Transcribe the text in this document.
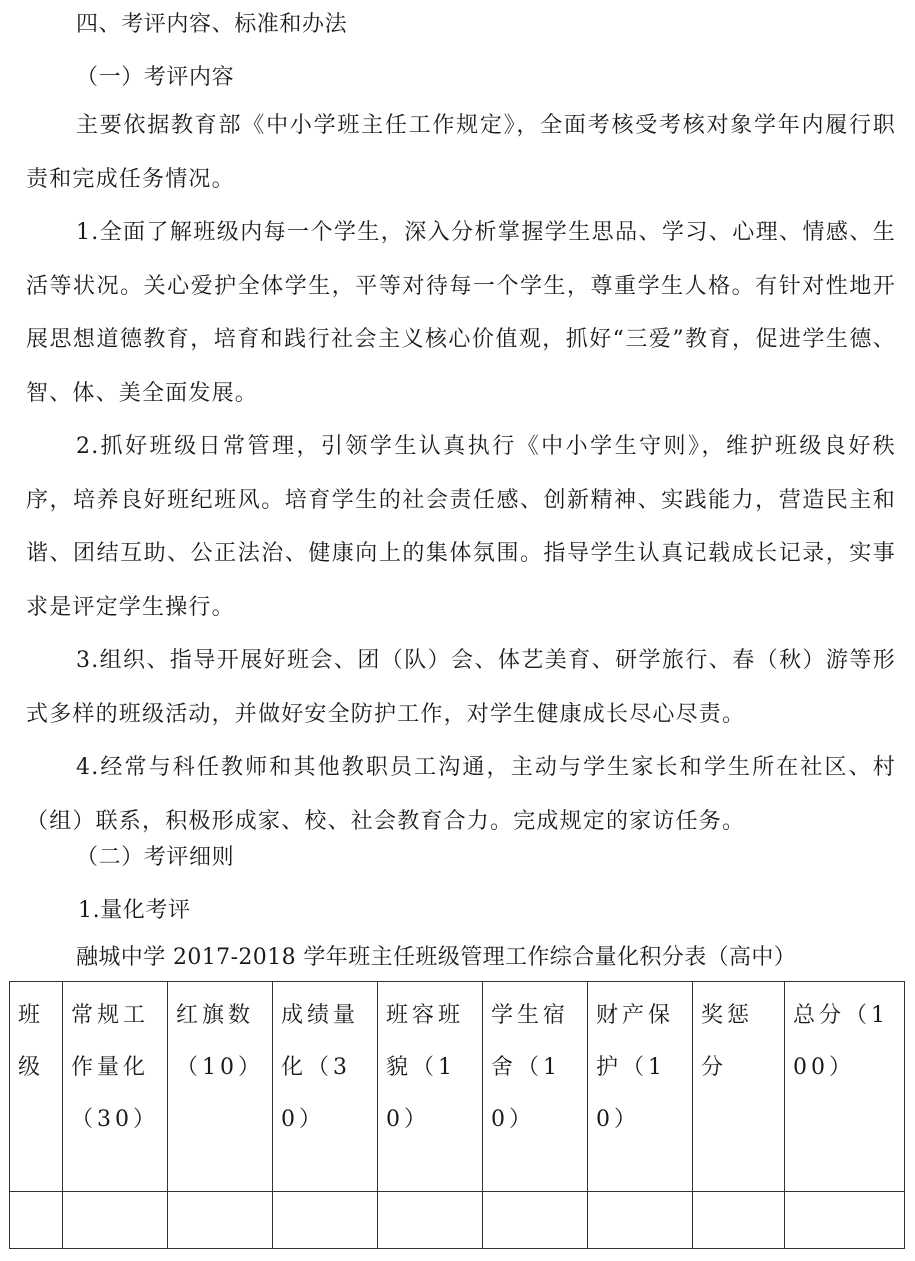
四、考评内容、标准和办法
（一）考评内容

主要依据教育部《中小学班主任工作规定》，全面考核受考核对象学年内履行职责和完成任务情况。

1.全面了解班级内每一个学生，深入分析掌握学生思品、学习、心理、情感、生活等状况。关心爱护全体学生，平等对待每一个学生，尊重学生人格。有针对性地开展思想道德教育，培育和践行社会主义核心价值观，抓好“三爱”教育，促进学生德、智、体、美全面发展。

2.抓好班级日常管理，引领学生认真执行《中小学生守则》，维护班级良好秩序，培养良好班纪班风。培育学生的社会责任感、创新精神、实践能力，营造民主和谐、团结互助、公正法治、健康向上的集体氛围。指导学生认真记载成长记录，实事求是评定学生操行。

3.组织、指导开展好班会、团（队）会、体艺美育、研学旅行、春（秋）游等形式多样的班级活动，并做好安全防护工作，对学生健康成长尽心尽责。

4.经常与科任教师和其他教职员工沟通，主动与学生家长和学生所在社区、村（组）联系，积极形成家、校、社会教育合力。完成规定的家访任务。

（二）考评细则
1.量化考评
融城中学 2017-2018 学年班主任班级管理工作综合量化积分表（高中）
班级	常规工作量化（30）	红旗数（10）	成绩量化（30）	班容班貌（10）	学生宿舍（10）	财产保护（10）	奖惩分	总分（100）
